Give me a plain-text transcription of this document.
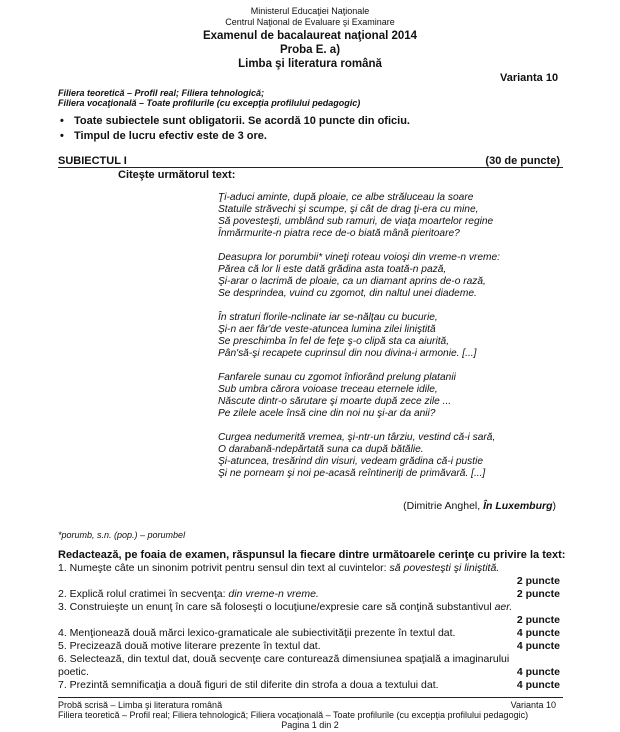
Ministerul Educaţiei Naţionale
Centrul Naţional de Evaluare şi Examinare
Examenul de bacalaureat naţional 2014
Proba E. a)
Limba şi literatura română
Varianta 10
Filiera teoretică – Profil real; Filiera tehnologică;
Filiera vocaţională – Toate profilurile (cu excepţia profilului pedagogic)
• Toate subiectele sunt obligatorii. Se acordă 10 puncte din oficiu.
• Timpul de lucru efectiv este de 3 ore.
SUBIECTUL I	(30 de puncte)
Citeşte următorul text:
Ţi-aduci aminte, după ploaie, ce albe străluceau la soare
Statuile străvechi şi scumpe, şi cât de drag ţi-era cu mine,
Să povesteşti, umblând sub ramuri, de viaţa moartelor regine
Înmărmurite-n piatra rece de-o biată mână pieritoare?
Deasupra lor porumbii* vineţi roteau voioşi din vreme-n vreme:
Părea că lor li este dată grădina asta toată-n pază,
Şi-arar o lacrimă de ploaie, ca un diamant aprins de-o rază,
Se desprindea, vuind cu zgomot, din naltul unei diademe.
În straturi florile-nclinate iar se-nălţau cu bucurie,
Şi-n aer fâr'de veste-atuncea lumina zilei liniştită
Se preschimba în fel de feţe ş-o clipă sta ca aiurită,
Pân'să-şi recapete cuprinsul din nou divina-i armonie. [...]
Fanfarele sunau cu zgomot înfiorând prelung platanii
Sub umbra cărora voioase treceau eternele idile,
Născute dintr-o sărutare şi moarte după zece zile ...
Pe zilele acele însă cine din noi nu şi-ar da anii?
Curgea nedumerită vremea, şi-ntr-un târziu, vestind că-i sară,
O darabană-ndepărtată suna ca după bătălie.
Şi-atuncea, tresărind din visuri, vedeam grădina că-i pustie
Şi ne porneam şi noi pe-acasă reîntineriţi de primăvară. [...]
(Dimitrie Anghel, În Luxemburg)
*porumb, s.n. (pop.) – porumbel
Redactează, pe foaia de examen, răspunsul la fiecare dintre următoarele cerinţe cu privire la text:
1. Numeşte câte un sinonim potrivit pentru sensul din text al cuvintelor: să povesteşti şi liniştită.
2 puncte
2. Explică rolul cratimei în secvenţa: din vreme-n vreme.	2 puncte
3. Construieşte un enunţ în care să foloseşti o locuţiune/expresie care să conţină substantivul aer.
2 puncte
4. Menţionează două mărci lexico-gramaticale ale subiectivităţii prezente în textul dat.	4 puncte
5. Precizează două motive literare prezente în textul dat.	4 puncte
6. Selectează, din textul dat, două secvenţe care conturează dimensiunea spaţială a imaginarului
poetic.	4 puncte
7. Prezintă semnificaţia a două figuri de stil diferite din strofa a doua a textului dat.	4 puncte
Probă scrisă – Limba şi literatura română	Varianta 10
Filiera teoretică – Profil real; Filiera tehnologică; Filiera vocaţională – Toate profilurile (cu excepţia profilului pedagogic)
Pagina 1 din 2
